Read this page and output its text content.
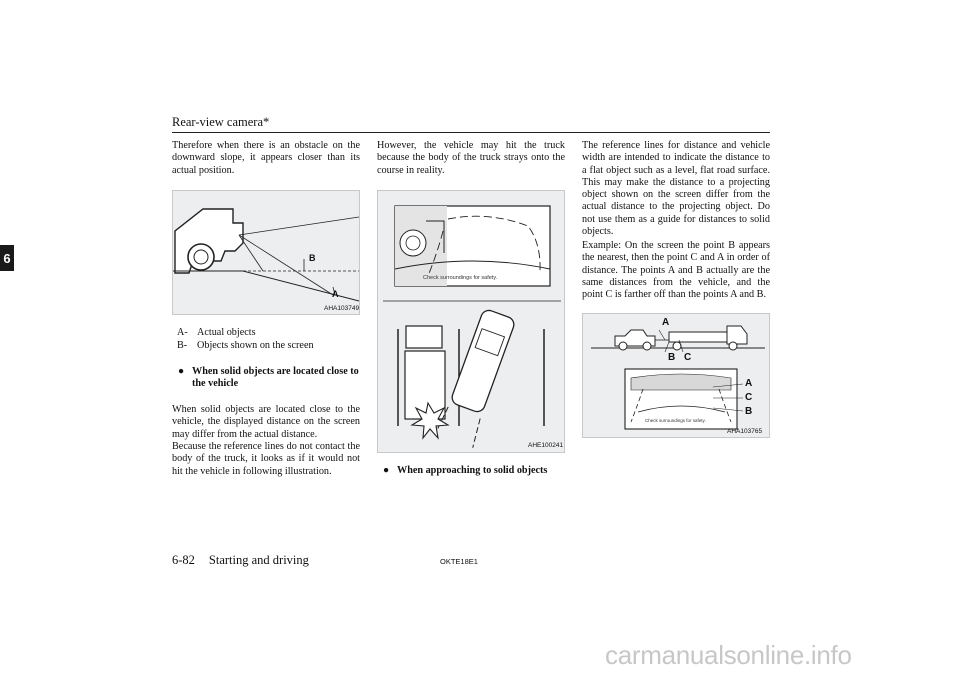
Rear-view camera*
6
Therefore when there is an obstacle on the downward slope, it appears closer than its actual position.
B
A
AHA103749
A- Actual objects
B- Objects shown on the screen
● When solid objects are located close to the vehicle
When solid objects are located close to the vehicle, the displayed distance on the screen may differ from the actual distance.
Because the reference lines do not contact the body of the truck, it looks as if it would not hit the vehicle in following illustration.
However, the vehicle may hit the truck because the body of the truck strays onto the course in reality.
Check surroundings for safety.
AHE100241
● When approaching to solid objects
The reference lines for distance and vehicle width are intended to indicate the distance to a flat object such as a level, flat road surface. This may make the distance to a projecting object shown on the screen differ from the actual distance to the projecting object. Do not use them as a guide for distances to solid objects.
Example: On the screen the point B appears the nearest, then the point C and A in order of distance. The points A and B actually are the same distances from the vehicle, and the point C is farther off than the points A and B.
A
B C
A
C
B
Check surroundings for safety.
AHA103765
6-82 Starting and driving	OKTE18E1
carmanualsonline.info
